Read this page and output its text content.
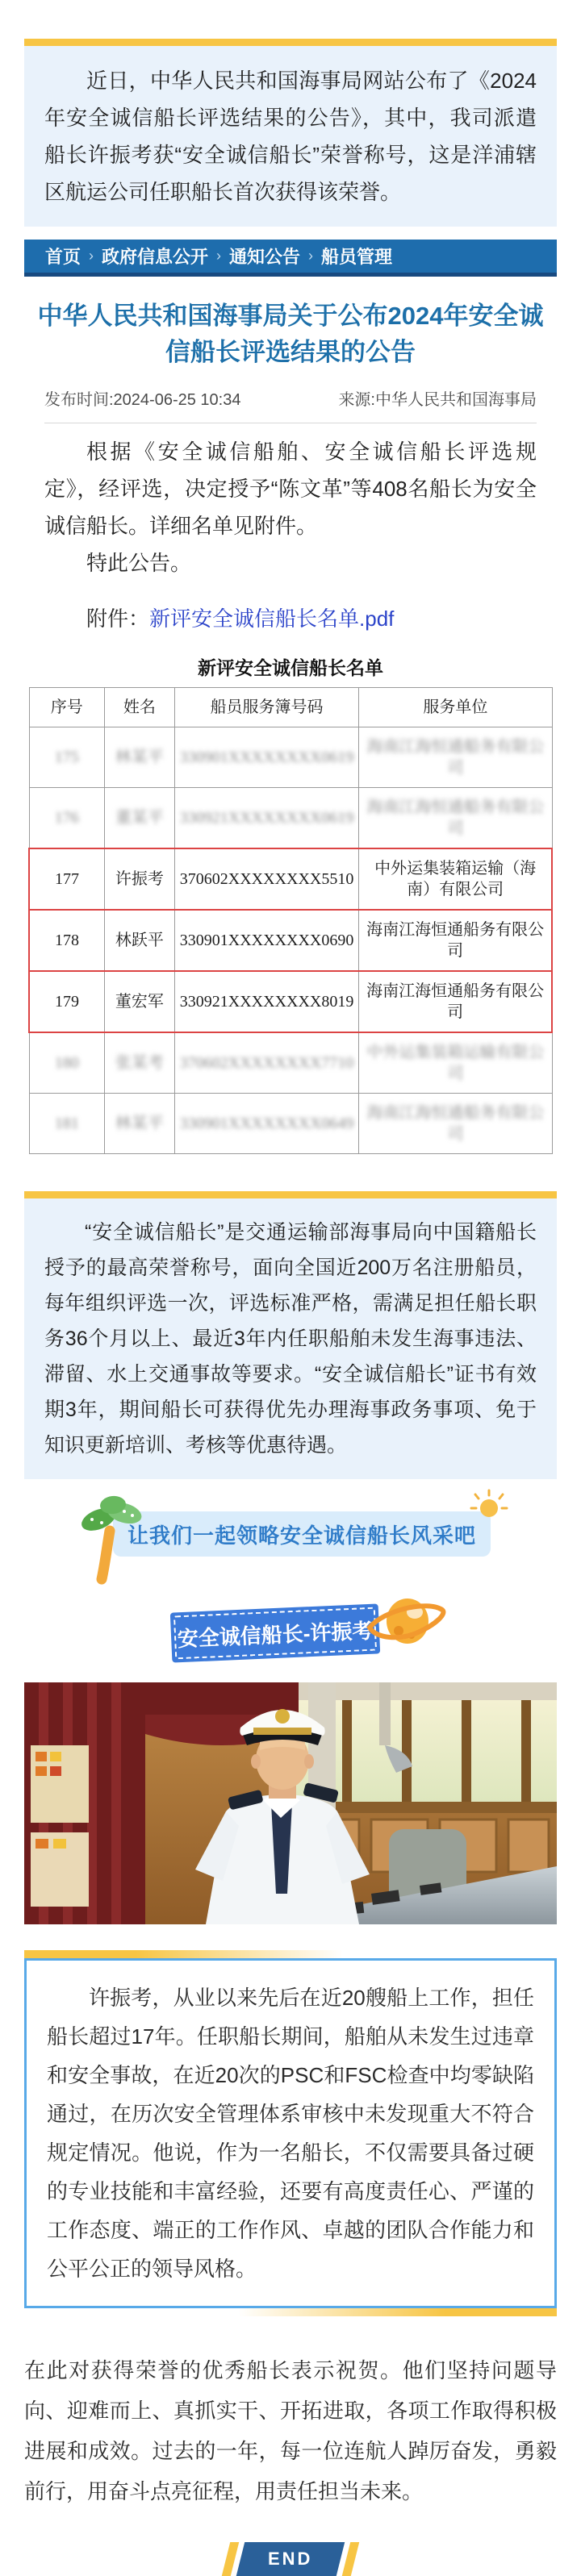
近日，中华人民共和国海事局网站公布了《2024年安全诚信船长评选结果的公告》，其中，我司派遣船长许振考获“安全诚信船长”荣誉称号，这是洋浦辖区航运公司任职船长首次获得该荣誉。

首页 › 政府信息公开 › 通知公告 › 船员管理
中华人民共和国海事局关于公布2024年安全诚信船长评选结果的公告
发布时间:2024-06-25 10:34	来源:中华人民共和国海事局

根据《安全诚信船舶、安全诚信船长评选规定》，经评选，决定授予“陈文革”等408名船长为安全诚信船长。详细名单见附件。

特此公告。

附件：新评安全诚信船长名单.pdf
新评安全诚信船长名单
序号	姓名	船员服务簿号码	服务单位
175	林某平	330901XXXXXXXX0619	海南江海恒通船务有限公司
176	董某平	330921XXXXXXXX0619	海南江海恒通船务有限公司
177	许振考	370602XXXXXXXX5510	中外运集装箱运输（海南）有限公司
178	林跃平	330901XXXXXXXX0690	海南江海恒通船务有限公司
179	董宏军	330921XXXXXXXX8019	海南江海恒通船务有限公司
180	张某考	370602XXXXXXXX7710	中外运集装箱运输有限公司
181	林某平	330901XXXXXXXX0649	海南江海恒通船务有限公司

“安全诚信船长”是交通运输部海事局向中国籍船长授予的最高荣誉称号，面向全国近200万名注册船员，每年组织评选一次，评选标准严格，需满足担任船长职务36个月以上、最近3年内任职船舶未发生海事违法、滞留、水上交通事故等要求。“安全诚信船长”证书有效期3年，期间船长可获得优先办理海事政务事项、免于知识更新培训、考核等优惠待遇。

让我们一起领略安全诚信船长风采吧
安全诚信船长-许振考

许振考，从业以来先后在近20艘船上工作，担任船长超过17年。任职船长期间，船舶从未发生过违章和安全事故，在近20次的PSC和FSC检查中均零缺陷通过，在历次安全管理体系审核中未发现重大不符合规定情况。他说，作为一名船长，不仅需要具备过硬的专业技能和丰富经验，还要有高度责任心、严谨的工作态度、端正的工作作风、卓越的团队合作能力和公平公正的领导风格。

在此对获得荣誉的优秀船长表示祝贺。他们坚持问题导向、迎难而上、真抓实干、开拓进取，各项工作取得积极进展和成效。过去的一年，每一位连航人踔厉奋发，勇毅前行，用奋斗点亮征程，用责任担当未来。

END
